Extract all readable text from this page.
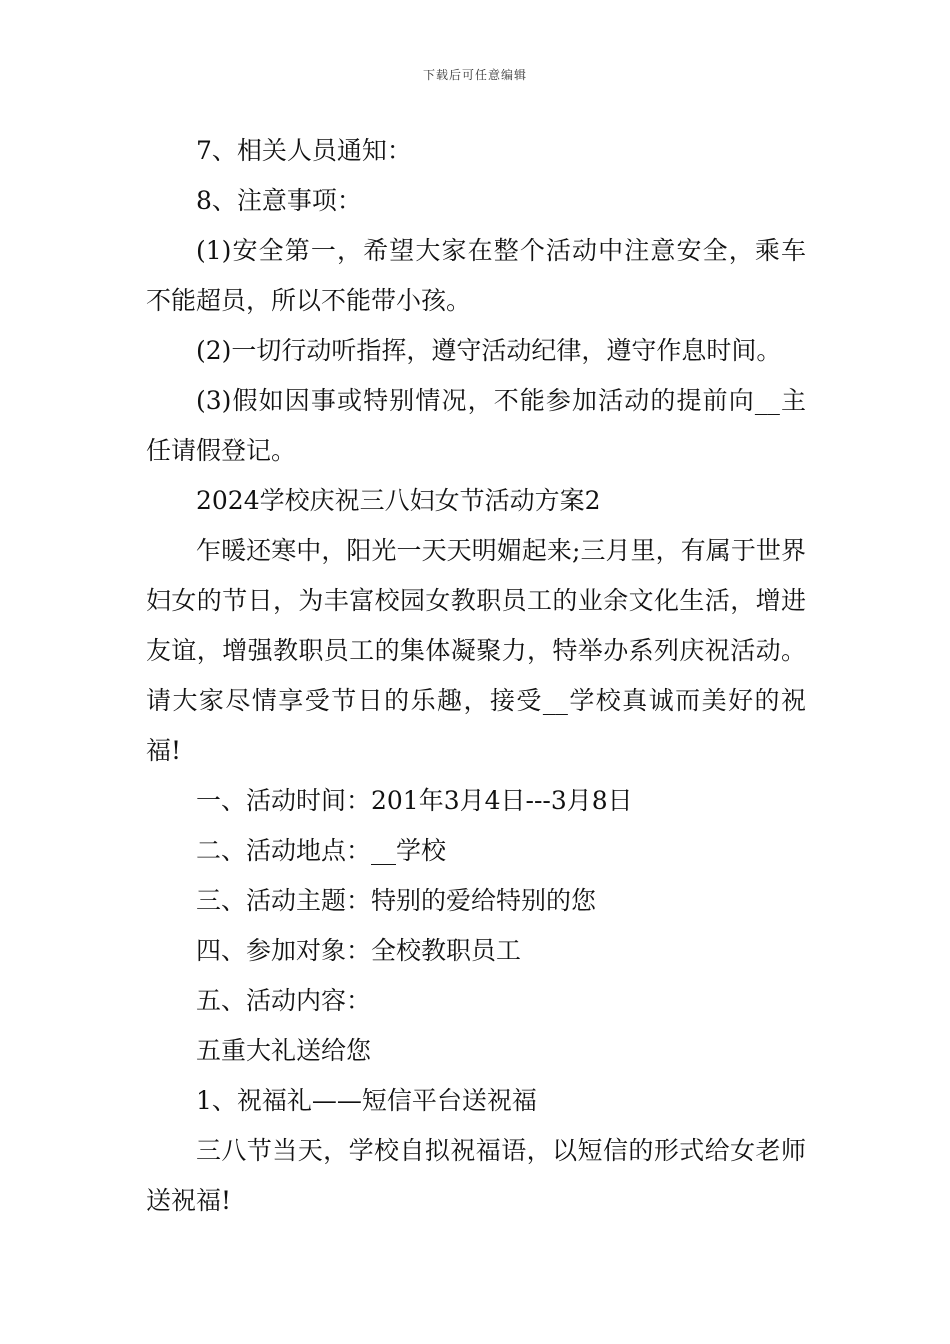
下载后可任意编辑

7、相关人员通知：

8、注意事项：

(1)安全第一，希望大家在整个活动中注意安全，乘车不能超员，所以不能带小孩。

(2)一切行动听指挥，遵守活动纪律，遵守作息时间。

(3)假如因事或特别情况，不能参加活动的提前向__主任请假登记。

2024学校庆祝三八妇女节活动方案2

乍暖还寒中，阳光一天天明媚起来;三月里，有属于世界妇女的节日，为丰富校园女教职员工的业余文化生活，增进友谊，增强教职员工的集体凝聚力，特举办系列庆祝活动。请大家尽情享受节日的乐趣，接受__学校真诚而美好的祝福!

一、活动时间：201年3月4日---3月8日

二、活动地点：__学校

三、活动主题：特别的爱给特别的您

四、参加对象：全校教职员工

五、活动内容：

五重大礼送给您

1、祝福礼——短信平台送祝福

三八节当天，学校自拟祝福语，以短信的形式给女老师送祝福!
